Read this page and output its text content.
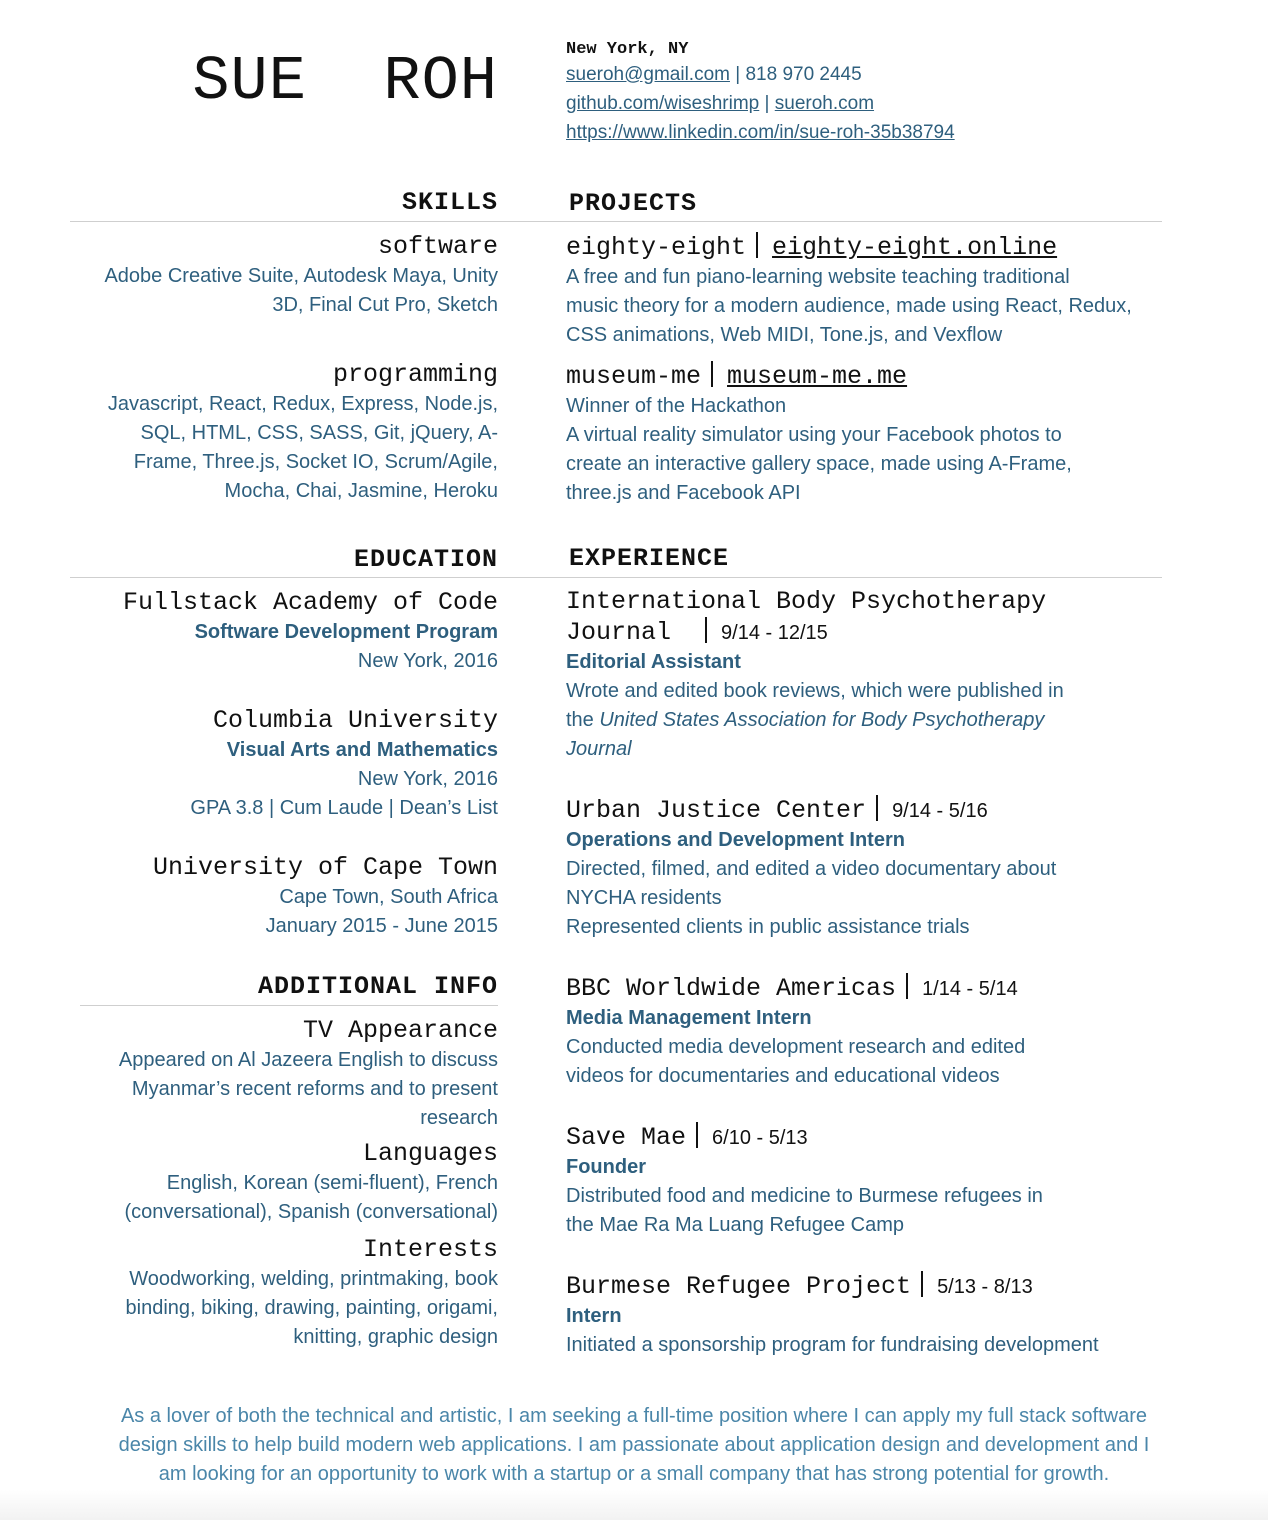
SUE ROH	New York, NY
sueroh@gmail.com | 818 970 2445
github.com/wiseshrimp | sueroh.com
https://www.linkedin.com/in/sue-roh-35b38794
SKILLS	PROJECTS
software
Adobe Creative Suite, Autodesk Maya, Unity
3D, Final Cut Pro, Sketch
programming
Javascript, React, Redux, Express, Node.js,
SQL, HTML, CSS, SASS, Git, jQuery, A-
Frame, Three.js, Socket IO, Scrum/Agile,
Mocha, Chai, Jasmine, Heroku
eighty-eight eighty-eight.online
A free and fun piano-learning website teaching traditional
music theory for a modern audience, made using React, Redux,
CSS animations, Web MIDI, Tone.js, and Vexflow
museum-me museum-me.me
Winner of the Hackathon
A virtual reality simulator using your Facebook photos to
create an interactive gallery space, made using A-Frame,
three.js and Facebook API
EDUCATION	EXPERIENCE
Fullstack Academy of Code
Software Development Program
New York, 2016
Columbia University
Visual Arts and Mathematics
New York, 2016
GPA 3.8 | Cum Laude | Dean’s List
University of Cape Town
Cape Town, South Africa
January 2015 - June 2015
ADDITIONAL INFO
TV Appearance
Appeared on Al Jazeera English to discuss
Myanmar’s recent reforms and to present
research
Languages
English, Korean (semi-fluent), French
(conversational), Spanish (conversational)
Interests
Woodworking, welding, printmaking, book
binding, biking, drawing, painting, origami,
knitting, graphic design
International Body Psychotherapy
Journal	9/14 - 12/15
Editorial Assistant
Wrote and edited book reviews, which were published in
the United States Association for Body Psychotherapy
Journal
Urban Justice Center 9/14 - 5/16
Operations and Development Intern
Directed, filmed, and edited a video documentary about
NYCHA residents
Represented clients in public assistance trials
BBC Worldwide Americas 1/14 - 5/14
Media Management Intern
Conducted media development research and edited
videos for documentaries and educational videos
Save Mae 6/10 - 5/13
Founder
Distributed food and medicine to Burmese refugees in
the Mae Ra Ma Luang Refugee Camp
Burmese Refugee Project 5/13 - 8/13
Intern
Initiated a sponsorship program for fundraising development
As a lover of both the technical and artistic, I am seeking a full-time position where I can apply my full stack software
design skills to help build modern web applications. I am passionate about application design and development and I
am looking for an opportunity to work with a startup or a small company that has strong potential for growth.
